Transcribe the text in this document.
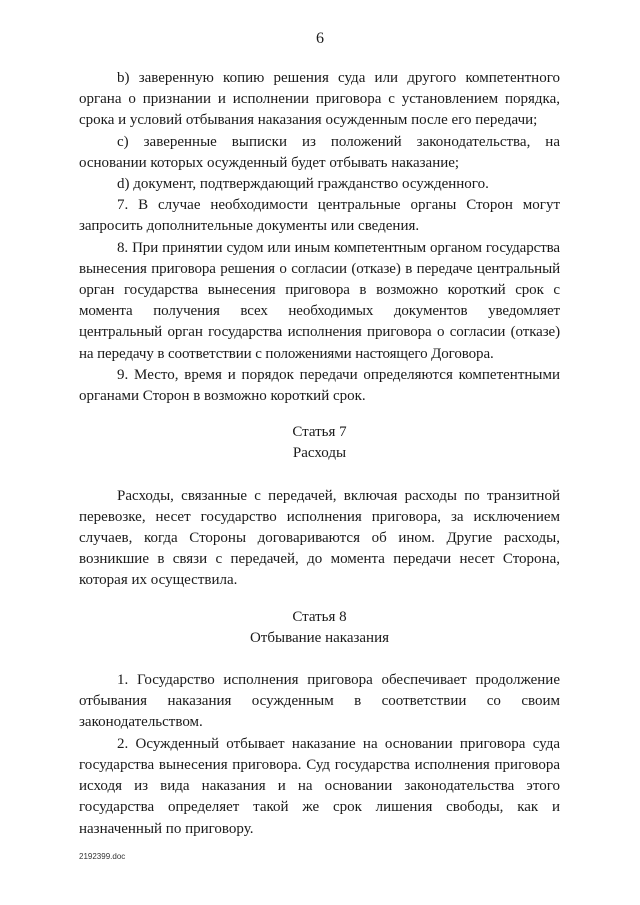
6

b) заверенную копию решения суда или другого компетентного органа о признании и исполнении приговора с установлением порядка, срока и условий отбывания наказания осужденным после его передачи;

c) заверенные выписки из положений законодательства, на основании которых осужденный будет отбывать наказание;

d) документ, подтверждающий гражданство осужденного.

7. В случае необходимости центральные органы Сторон могут запросить дополнительные документы или сведения.

8. При принятии судом или иным компетентным органом государства вынесения приговора решения о согласии (отказе) в передаче центральный орган государства вынесения приговора в возможно короткий срок с момента получения всех необходимых документов уведомляет центральный орган государства исполнения приговора о согласии (отказе) на передачу в соответствии с положениями настоящего Договора.

9. Место, время и порядок передачи определяются компетентными органами Сторон в возможно короткий срок.

Статья 7

Расходы

Расходы, связанные с передачей, включая расходы по транзитной перевозке, несет государство исполнения приговора, за исключением случаев, когда Стороны договариваются об ином. Другие расходы, возникшие в связи с передачей, до момента передачи несет Сторона, которая их осуществила.

Статья 8

Отбывание наказания

1. Государство исполнения приговора обеспечивает продолжение отбывания наказания осужденным в соответствии со своим законодательством.

2. Осужденный отбывает наказание на основании приговора суда государства вынесения приговора. Суд государства исполнения приговора исходя из вида наказания и на основании законодательства этого государства определяет такой же срок лишения свободы, как и назначенный по приговору.

2192399.doc
